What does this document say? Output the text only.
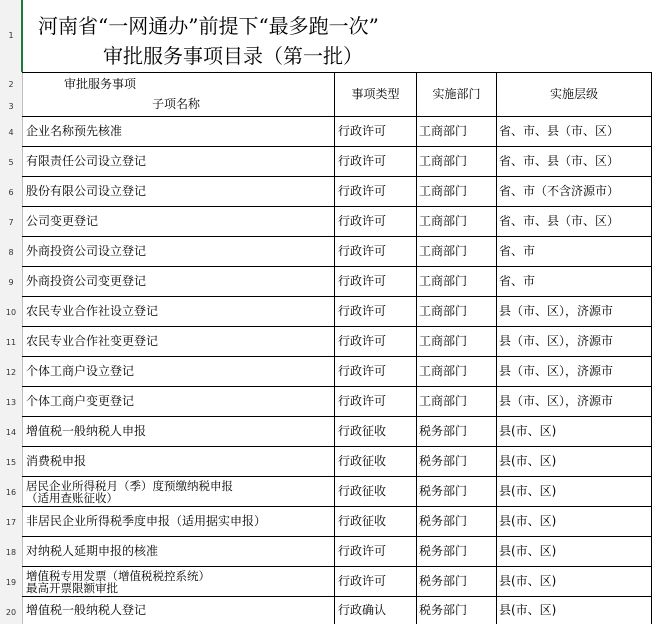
1
2
3
4
5
6
7
8
9
10
11
12
13
14
15
16
17
18
19
20
河南省“一网通办”前提下“最多跑一次”
审批服务事项目录（第一批）
审批服务事项
子项名称
事项类型	实施部门	实施层级
企业名称预先核准	行政许可	工商部门	省、市、县（市、区）
有限责任公司设立登记	行政许可	工商部门	省、市、县（市、区）
股份有限公司设立登记	行政许可	工商部门	省、市（不含济源市）
公司变更登记	行政许可	工商部门	省、市、县（市、区）
外商投资公司设立登记	行政许可	工商部门	省、市
外商投资公司变更登记	行政许可	工商部门	省、市
农民专业合作社设立登记	行政许可	工商部门	县（市、区），济源市
农民专业合作社变更登记	行政许可	工商部门	县（市、区），济源市
个体工商户设立登记	行政许可	工商部门	县（市、区），济源市
个体工商户变更登记	行政许可	工商部门	县（市、区），济源市
增值税一般纳税人申报	行政征收	税务部门	县(市、区)
消费税申报	行政征收	税务部门	县(市、区)
居民企业所得税月（季）度预缴纳税申报
（适用查账征收）	行政征收	税务部门	县(市、区)
非居民企业所得税季度申报（适用据实申报）	行政征收	税务部门	县(市、区)
对纳税人延期申报的核准	行政许可	税务部门	县(市、区)
增值税专用发票（增值税税控系统）
最高开票限额审批	行政许可	税务部门	县(市、区)
增值税一般纳税人登记	行政确认	税务部门	县(市、区)
